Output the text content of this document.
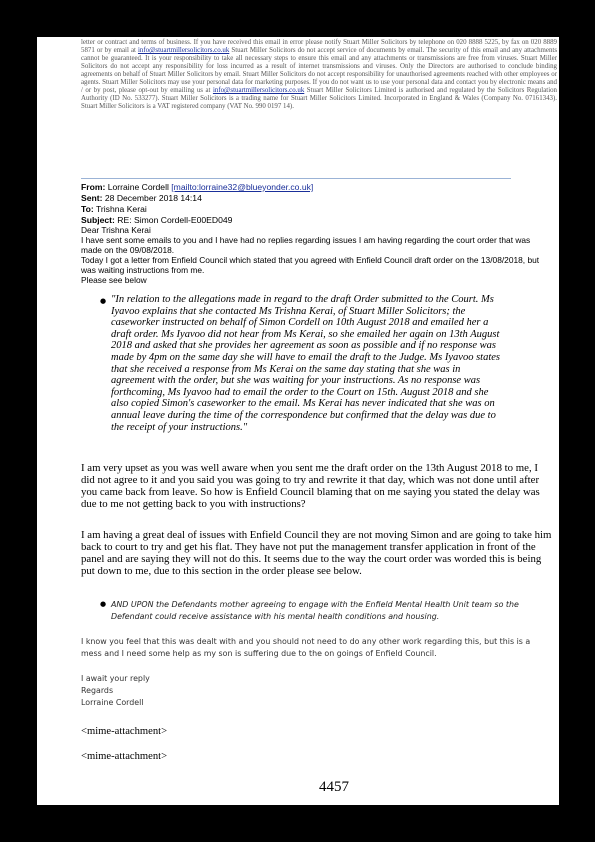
letter or contract and terms of business. If you have received this email in error please notify Stuart Miller Solicitors by telephone on 020 8888 5225, by fax on 020 8889 5871 or by email at info@stuartmillersolicitors.co.uk Stuart Miller Solicitors do not accept service of documents by email. The security of this email and any attachments cannot be guaranteed. It is your responsibility to take all necessary steps to ensure this email and any attachments or transmissions are free from viruses. Stuart Miller Solicitors do not accept any responsibility for loss incurred as a result of internet transmissions and viruses. Only the Directors are authorised to conclude binding agreements on behalf of Stuart Miller Solicitors by email. Stuart Miller Solicitors do not accept responsibility for unauthorised agreements reached with other employees or agents. Stuart Miller Solicitors may use your personal data for marketing purposes. If you do not want us to use your personal data and contact you by electronic means and / or by post, please opt-out by emailing us at info@stuartmillersolicitors.co.uk Stuart Miller Solicitors Limited is authorised and regulated by the Solicitors Regulation Authority (ID No. 533277). Stuart Miller Solicitors is a trading name for Stuart Miller Solicitors Limited. Incorporated in England & Wales (Company No. 07161343). Stuart Miller Solicitors is a VAT registered company (VAT No. 990 0197 14).

From: Lorraine Cordell [mailto:lorraine32@blueyonder.co.uk]
Sent: 28 December 2018 14:14
To: Trishna Kerai
Subject: RE: Simon Cordell-E00ED049

Dear Trishna Kerai

I have sent some emails to you and I have had no replies regarding issues I am having regarding the court order that was made on the 09/08/2018.

Today I got a letter from Enfield Council which stated that you agreed with Enfield Council draft order on the 13/08/2018, but was waiting instructions from me.

Please see below

● "In relation to the allegations made in regard to the draft Order submitted to the Court. Ms Iyavoo explains that she contacted Ms Trishna Kerai, of Stuart Miller Solicitors; the caseworker instructed on behalf of Simon Cordell on 10th August 2018 and emailed her a draft order. Ms Iyavoo did not hear from Ms Kerai, so she emailed her again on 13th August 2018 and asked that she provides her agreement as soon as possible and if no response was made by 4pm on the same day she will have to email the draft to the Judge. Ms Iyavoo states that she received a response from Ms Kerai on the same day stating that she was in agreement with the order, but she was waiting for your instructions. As no response was forthcoming, Ms Iyavoo had to email the order to the Court on 15th. August 2018 and she also copied Simon's caseworker to the email. Ms Kerai has never indicated that she was on annual leave during the time of the correspondence but confirmed that the delay was due to the receipt of your instructions."

I am very upset as you was well aware when you sent me the draft order on the 13th August 2018 to me, I did not agree to it and you said you was going to try and rewrite it that day, which was not done until after you came back from leave. So how is Enfield Council blaming that on me saying you stated the delay was due to me not getting back to you with instructions?

I am having a great deal of issues with Enfield Council they are not moving Simon and are going to take him back to court to try and get his flat. They have not put the management transfer application in front of the panel and are saying they will not do this. It seems due to the way the court order was worded this is being put down to me, due to this section in the order please see below.

● AND UPON the Defendants mother agreeing to engage with the Enfield Mental Health Unit team so the Defendant could receive assistance with his mental health conditions and housing.

I know you feel that this was dealt with and you should not need to do any other work regarding this, but this is a mess and I need some help as my son is suffering due to the on goings of Enfield Council.

I await your reply

Regards

Lorraine Cordell

<mime-attachment>
<mime-attachment>
4457
